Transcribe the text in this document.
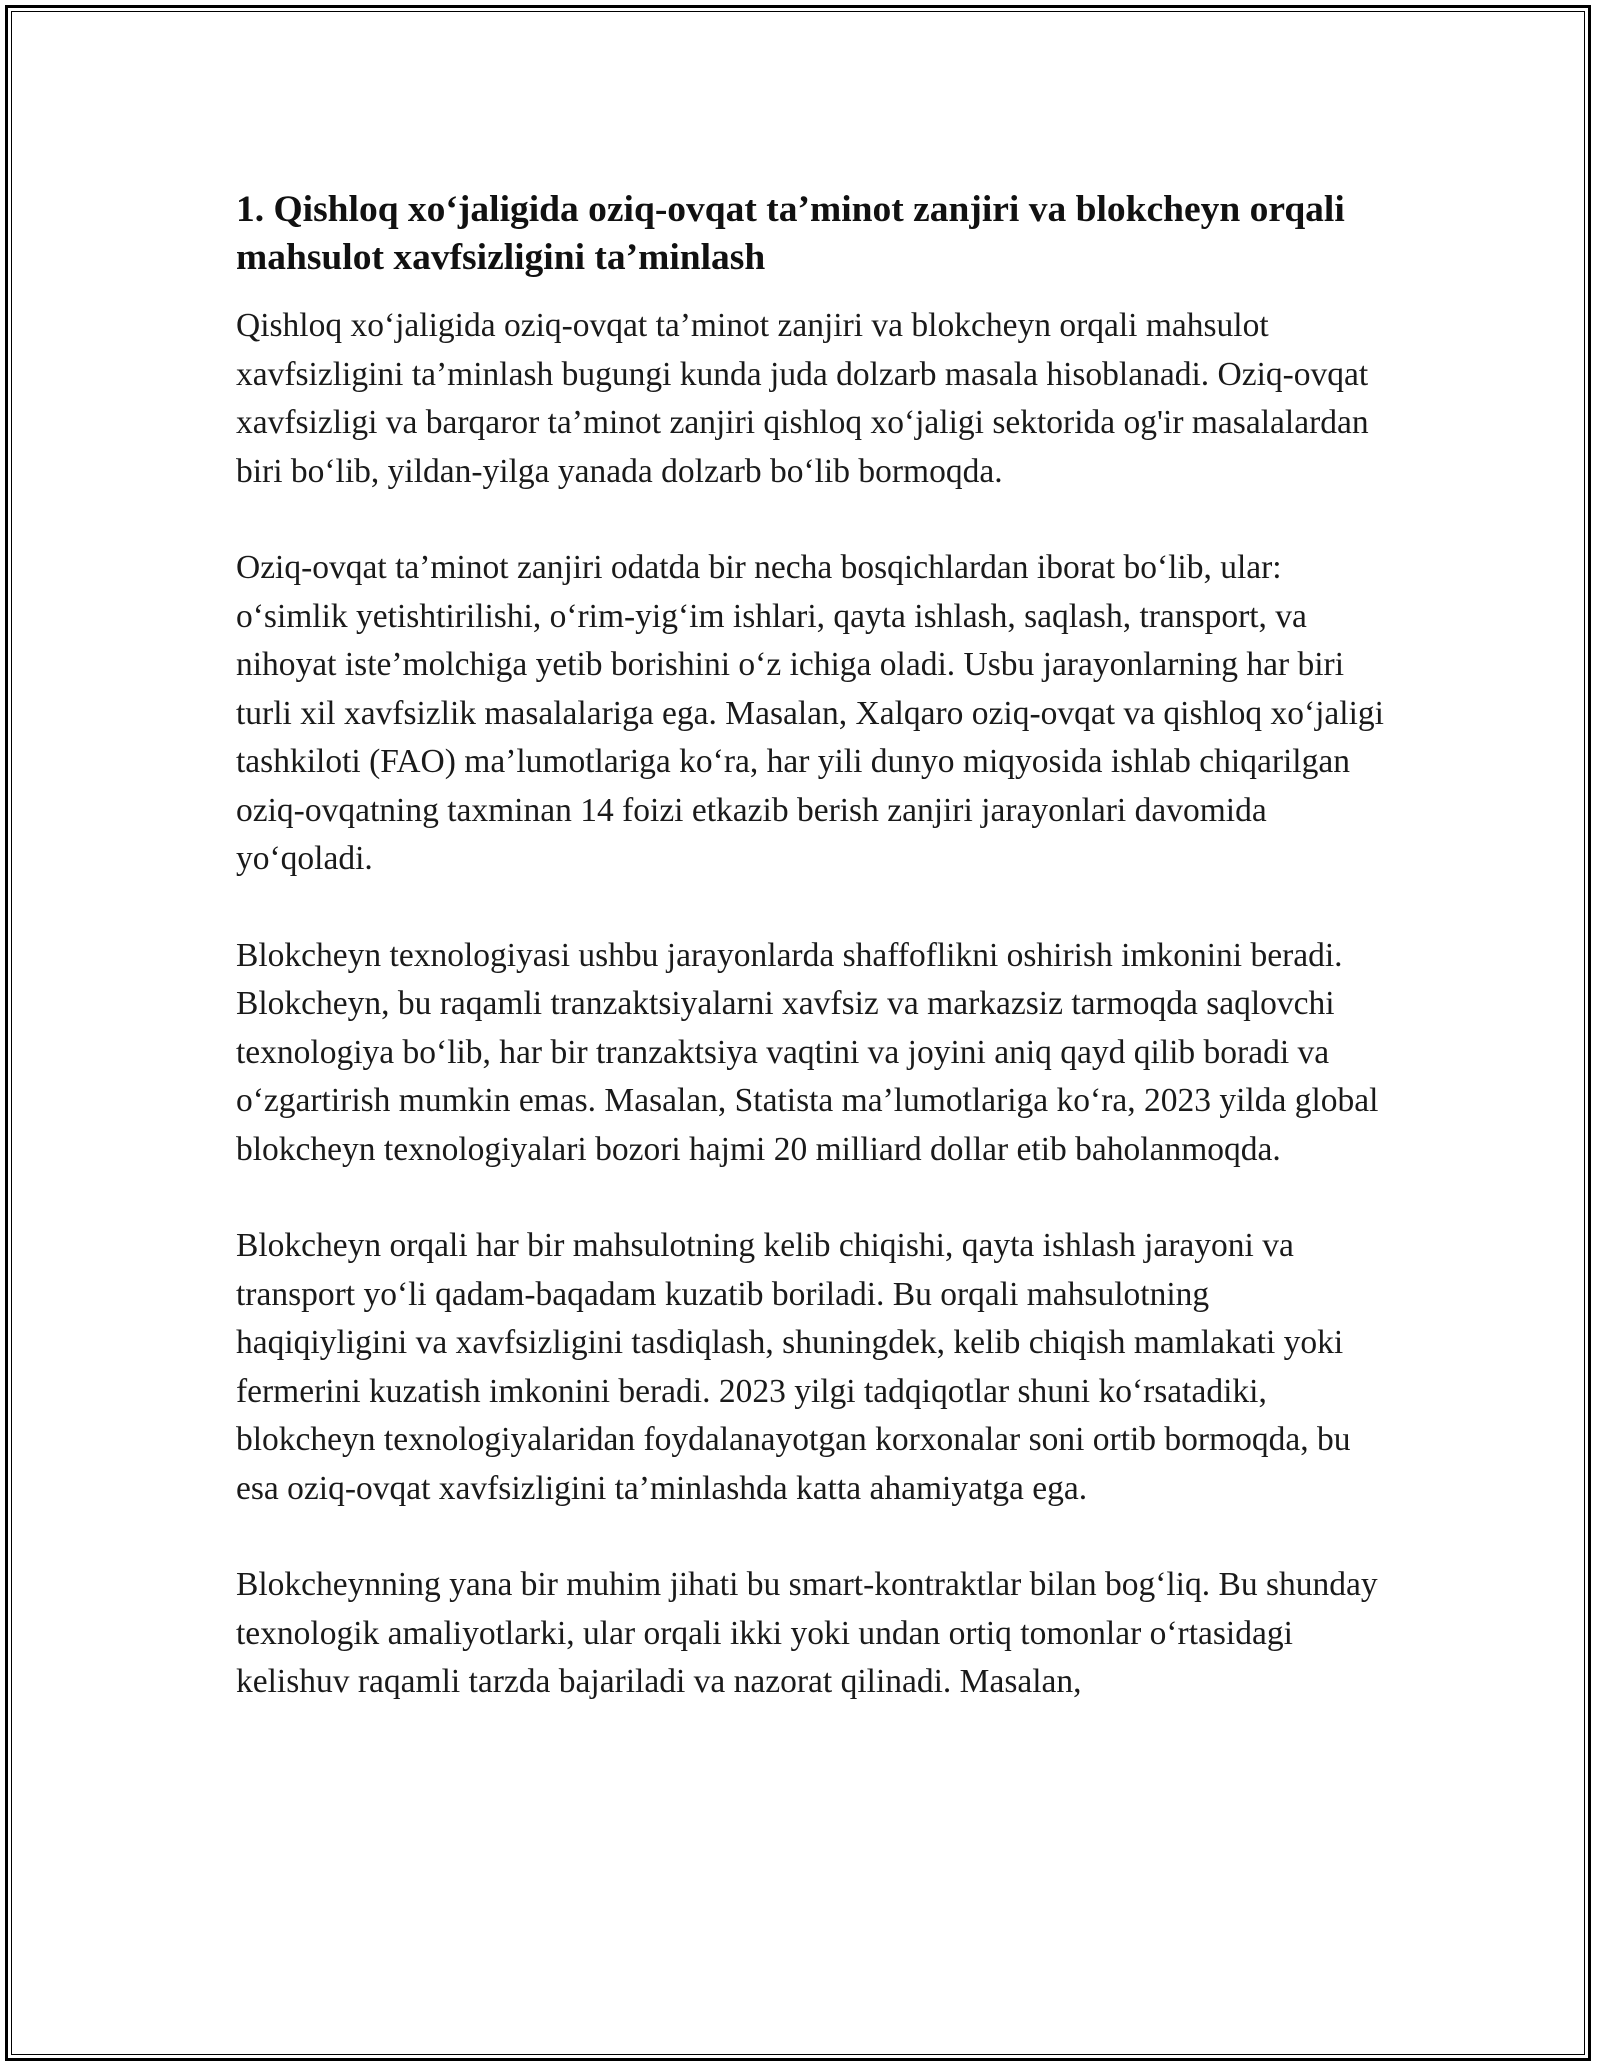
1. Qishloq xo‘jaligida oziq-ovqat ta’minot zanjiri va blokcheyn orqali mahsulot xavfsizligini ta’minlash

Qishloq xo‘jaligida oziq-ovqat ta’minot zanjiri va blokcheyn orqali mahsulot xavfsizligini ta’minlash bugungi kunda juda dolzarb masala hisoblanadi. Oziq-ovqat xavfsizligi va barqaror ta’minot zanjiri qishloq xo‘jaligi sektorida og'ir masalalardan biri bo‘lib, yildan-yilga yanada dolzarb bo‘lib bormoqda.

Oziq-ovqat ta’minot zanjiri odatda bir necha bosqichlardan iborat bo‘lib, ular: o‘simlik yetishtirilishi, o‘rim-yig‘im ishlari, qayta ishlash, saqlash, transport, va nihoyat iste’molchiga yetib borishini o‘z ichiga oladi. Usbu jarayonlarning har biri turli xil xavfsizlik masalalariga ega. Masalan, Xalqaro oziq-ovqat va qishloq xo‘jaligi tashkiloti (FAO) ma’lumotlariga ko‘ra, har yili dunyo miqyosida ishlab chiqarilgan oziq-ovqatning taxminan 14 foizi etkazib berish zanjiri jarayonlari davomida yo‘qoladi.

Blokcheyn texnologiyasi ushbu jarayonlarda shaffoflikni oshirish imkonini beradi. Blokcheyn, bu raqamli tranzaktsiyalarni xavfsiz va markazsiz tarmoqda saqlovchi texnologiya bo‘lib, har bir tranzaktsiya vaqtini va joyini aniq qayd qilib boradi va o‘zgartirish mumkin emas. Masalan, Statista ma’lumotlariga ko‘ra, 2023 yilda global blokcheyn texnologiyalari bozori hajmi 20 milliard dollar etib baholanmoqda.

Blokcheyn orqali har bir mahsulotning kelib chiqishi, qayta ishlash jarayoni va transport yo‘li qadam-baqadam kuzatib boriladi. Bu orqali mahsulotning haqiqiyligini va xavfsizligini tasdiqlash, shuningdek, kelib chiqish mamlakati yoki fermerini kuzatish imkonini beradi. 2023 yilgi tadqiqotlar shuni ko‘rsatadiki, blokcheyn texnologiyalaridan foydalanayotgan korxonalar soni ortib bormoqda, bu esa oziq-ovqat xavfsizligini ta’minlashda katta ahamiyatga ega.

Blokcheynning yana bir muhim jihati bu smart-kontraktlar bilan bog‘liq. Bu shunday texnologik amaliyotlarki, ular orqali ikki yoki undan ortiq tomonlar o‘rtasidagi kelishuv raqamli tarzda bajariladi va nazorat qilinadi. Masalan,
